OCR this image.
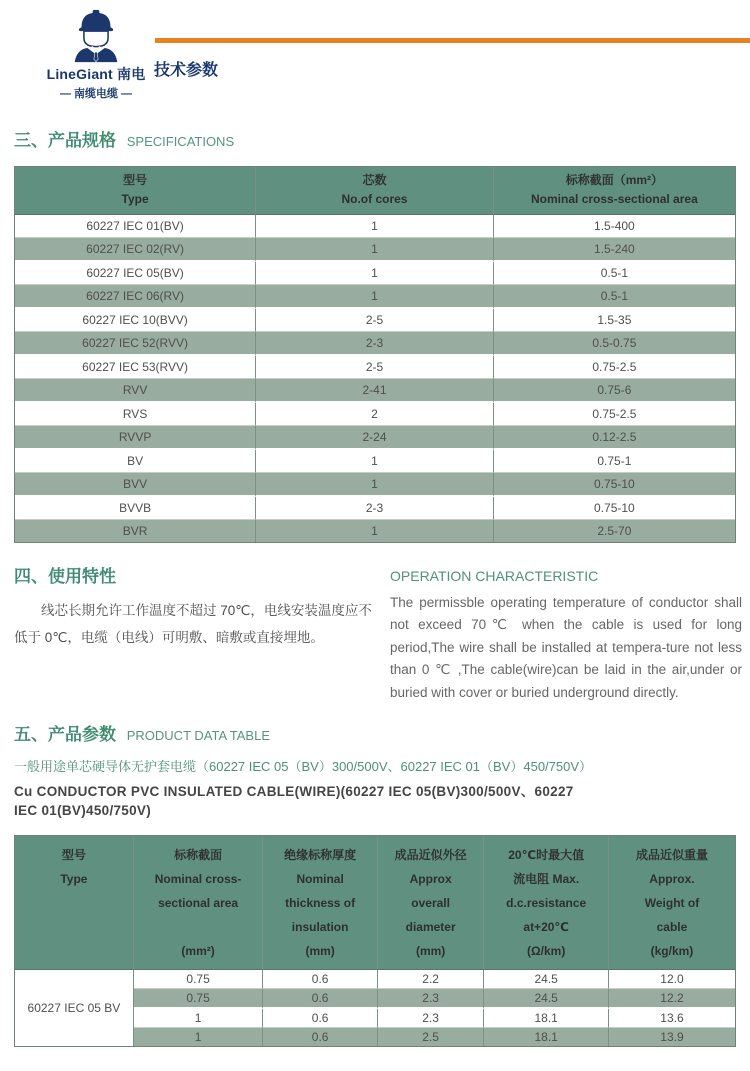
LineGiant 南电
— 南缆电缆 —
技术参数
三、产品规格 SPECIFICATIONS
型号
Type

芯数
No.of cores

标称截面（mm²）
Nominal cross-sectional area

60227 IEC 01(BV)	1	1.5-400
60227 IEC 02(RV)	1	1.5-240
60227 IEC 05(BV)	1	0.5-1
60227 IEC 06(RV)	1	0.5-1
60227 IEC 10(BVV)	2-5	1.5-35
60227 IEC 52(RVV)	2-3	0.5-0.75
60227 IEC 53(RVV)	2-5	0.75-2.5
RVV	2-41	0.75-6
RVS	2	0.75-2.5
RVVP	2-24	0.12-2.5
BV	1	0.75-1
BVV	1	0.75-10
BVVB	2-3	0.75-10
BVR	1	2.5-70
四、使用特性

线芯长期允许工作温度不超过 70℃，电线安装温度应不低于 0℃，电缆（电线）可明敷、暗敷或直接埋地。

OPERATION CHARACTERISTIC

The permissble operating temperature of conductor shall not exceed 70℃ when the cable is used for long period,The wire shall be installed at tempera-ture not less than 0 ℃ ,The cable(wire)can be laid in the air,under or buried with cover or buried underground directly.

五、产品参数 PRODUCT DATA TABLE

一般用途单芯硬导体无护套电缆（60227 IEC 05（BV）300/500V、60227 IEC 01（BV）450/750V）

Cu CONDUCTOR PVC INSULATED CABLE(WIRE)(60227 IEC 05(BV)300/500V、60227 IEC 01(BV)450/750V)

型号
Type

标称截面
Nominal cross-
sectional area

(mm²)

绝缘标称厚度
Nominal
thickness of
insulation
(mm)

成品近似外径
Approx
overall
diameter
(mm)

20℃时最大值
流电阻 Max.
d.c.resistance
at+20℃
(Ω/km)

成品近似重量
Approx.
Weight of
cable
(kg/km)

60227 IEC 05 BV	0.75	0.6	2.2	24.5	12.0
	0.75	0.6	2.3	24.5	12.2
	1	0.6	2.3	18.1	13.6
	1	0.6	2.5	18.1	13.9
